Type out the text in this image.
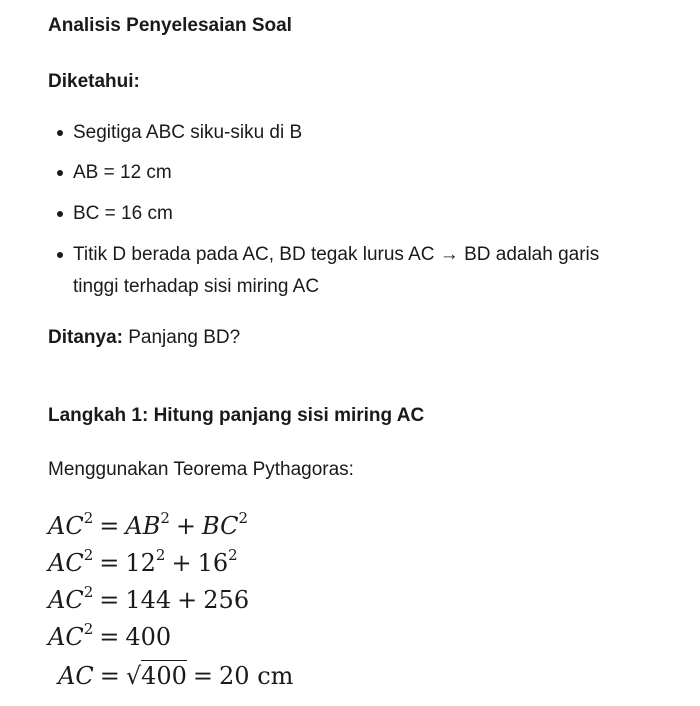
Analisis Penyelesaian Soal
Diketahui:
Segitiga ABC siku-siku di B
AB = 12 cm
BC = 16 cm
Titik D berada pada AC, BD tegak lurus AC → BD adalah garis tinggi terhadap sisi miring AC
Ditanya: Panjang BD?
Langkah 1: Hitung panjang sisi miring AC
Menggunakan Teorema Pythagoras:
$AC^2 = AB^2 + BC^2$
$AC^2 = 12^2 + 16^2$
$AC^2 = 144 + 256$
$AC^2 = 400$
AC = √400 = 20 cm
